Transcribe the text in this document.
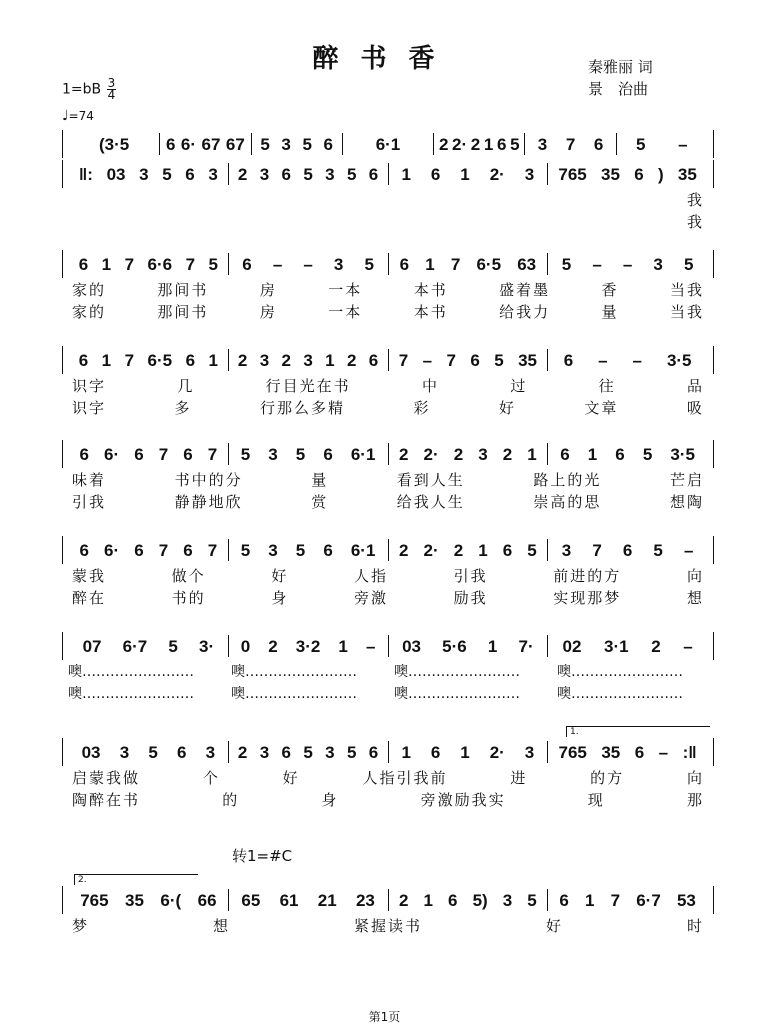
醉书香	秦雅丽 词
景　治曲
$1=bB \frac{3}{4}$
♩=74
(3·5 6 6· 67 67 5 3 5 6	6·1 2 2· 2 1 6 5 3 7 6 5 –
‖: 03 3 5 6 3 2 3 6 5 3 5 6 1 6 1 2· 3 765 35 6 ) 35
我
我
6 1 7 6·6 7 5 6 – – 3 5 6 1 7 6·5 63 5 – – 3 5
家的	那间书	房	一本	本书	盛着墨	香	当我
家的	那间书	房	一本	本书	给我力	量	当我
6 1 7 6·5 6 1 2 3 2 3 1 2 6 7 – 7 6 5 35 6 – – 3·5
识字	几	行目光在书	中	过	往	品
识字	多	行那么多精	彩	好	文章	吸
6 6· 6 7 6 7 5 3 5 6 6·1 2 2· 2 3 2 1 6 1 6 5 3·5
味着	书中的分	量	看到人生	路上的光	芒启
引我	静静地欣	赏	给我人生	崇高的思	想陶
6 6· 6 7 6 7 5 3 5 6 6·1 2 2· 2 1 6 5 3 7 6 5 –
蒙我	做个	好	人指	引我	前进的方	向
醉在	书的	身	旁激	励我	实现那梦	想
07 6·7 5 3· 0 2 3·2 1 – 03 5·6 1 7· 02 3·1 2 –
噢……………………	噢……………………	噢……………………	噢……………………
噢……………………	噢……………………	噢……………………	噢……………………
1.
03 3 5 6 3 2 3 6 5 3 5 6 1 6 1 2· 3 765 35 6 – :‖
启蒙我做	个	好	人指引我前	进	的方	向
陶醉在书	的	身	旁激励我实	现	那
2.
765 35 6·( 66 65 61 21 23 2 1 6 5) 3 5 6 1 7 6·7 53
梦	想	紧握读书	好	时
转1=#C
第1页
